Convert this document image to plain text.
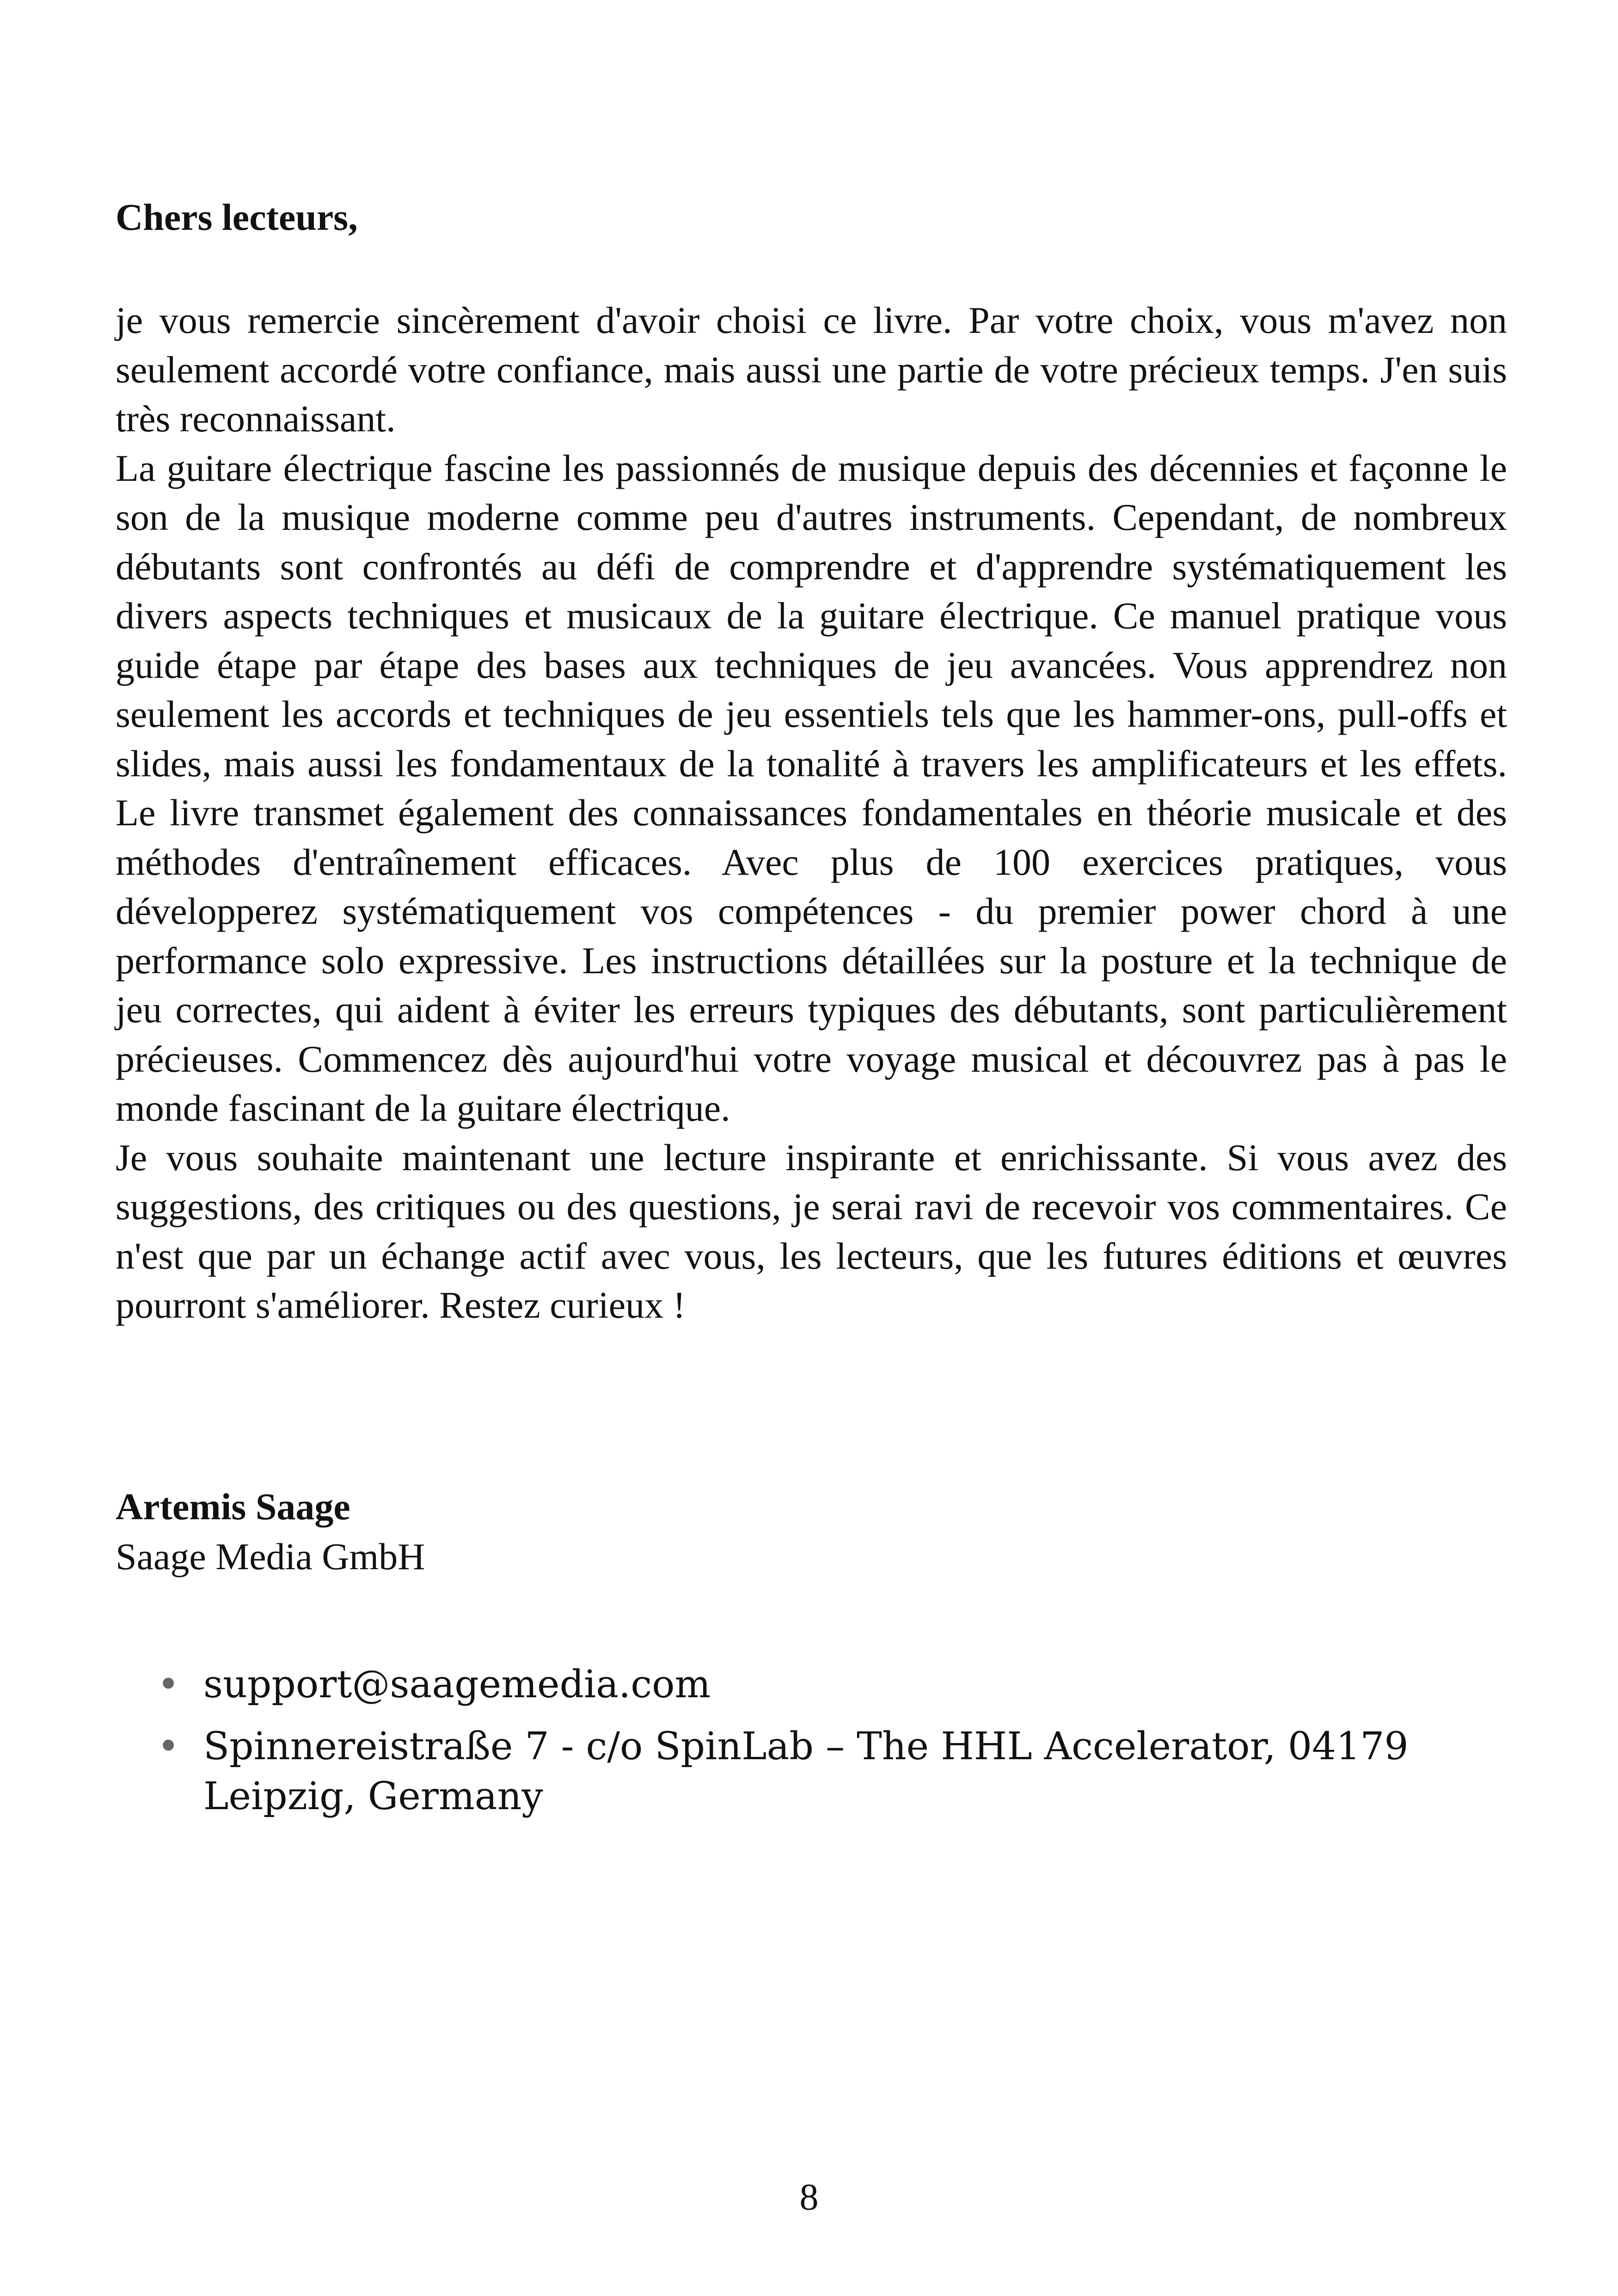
Chers lecteurs,

je vous remercie sincèrement d'avoir choisi ce livre. Par votre choix, vous m'avez non seulement accordé votre confiance, mais aussi une partie de votre précieux temps. J'en suis très reconnaissant.

La guitare électrique fascine les passionnés de musique depuis des décennies et façonne le son de la musique moderne comme peu d'autres instruments. Cependant, de nombreux débutants sont confrontés au défi de comprendre et d'apprendre systématiquement les divers aspects techniques et musicaux de la guitare électrique. Ce manuel pratique vous guide étape par étape des bases aux techniques de jeu avancées. Vous apprendrez non seulement les accords et techniques de jeu essentiels tels que les hammer-ons, pull-offs et slides, mais aussi les fondamentaux de la tonalité à travers les amplificateurs et les effets. Le livre transmet également des connaissances fondamentales en théorie musicale et des méthodes d'entraînement efficaces. Avec plus de 100 exercices pratiques, vous développerez systématiquement vos compétences - du premier power chord à une performance solo expressive. Les instructions détaillées sur la posture et la technique de jeu correctes, qui aident à éviter les erreurs typiques des débutants, sont particulièrement précieuses. Commencez dès aujourd'hui votre voyage musical et découvrez pas à pas le monde fascinant de la guitare électrique.

Je vous souhaite maintenant une lecture inspirante et enrichissante. Si vous avez des suggestions, des critiques ou des questions, je serai ravi de recevoir vos commentaires. Ce n'est que par un échange actif avec vous, les lecteurs, que les futures éditions et œuvres pourront s'améliorer. Restez curieux !

Artemis Saage
Saage Media GmbH
• support@saagemedia.com
• Spinnereistraße 7 - c/o SpinLab – The HHL Accelerator, 04179 Leipzig, Germany
8
